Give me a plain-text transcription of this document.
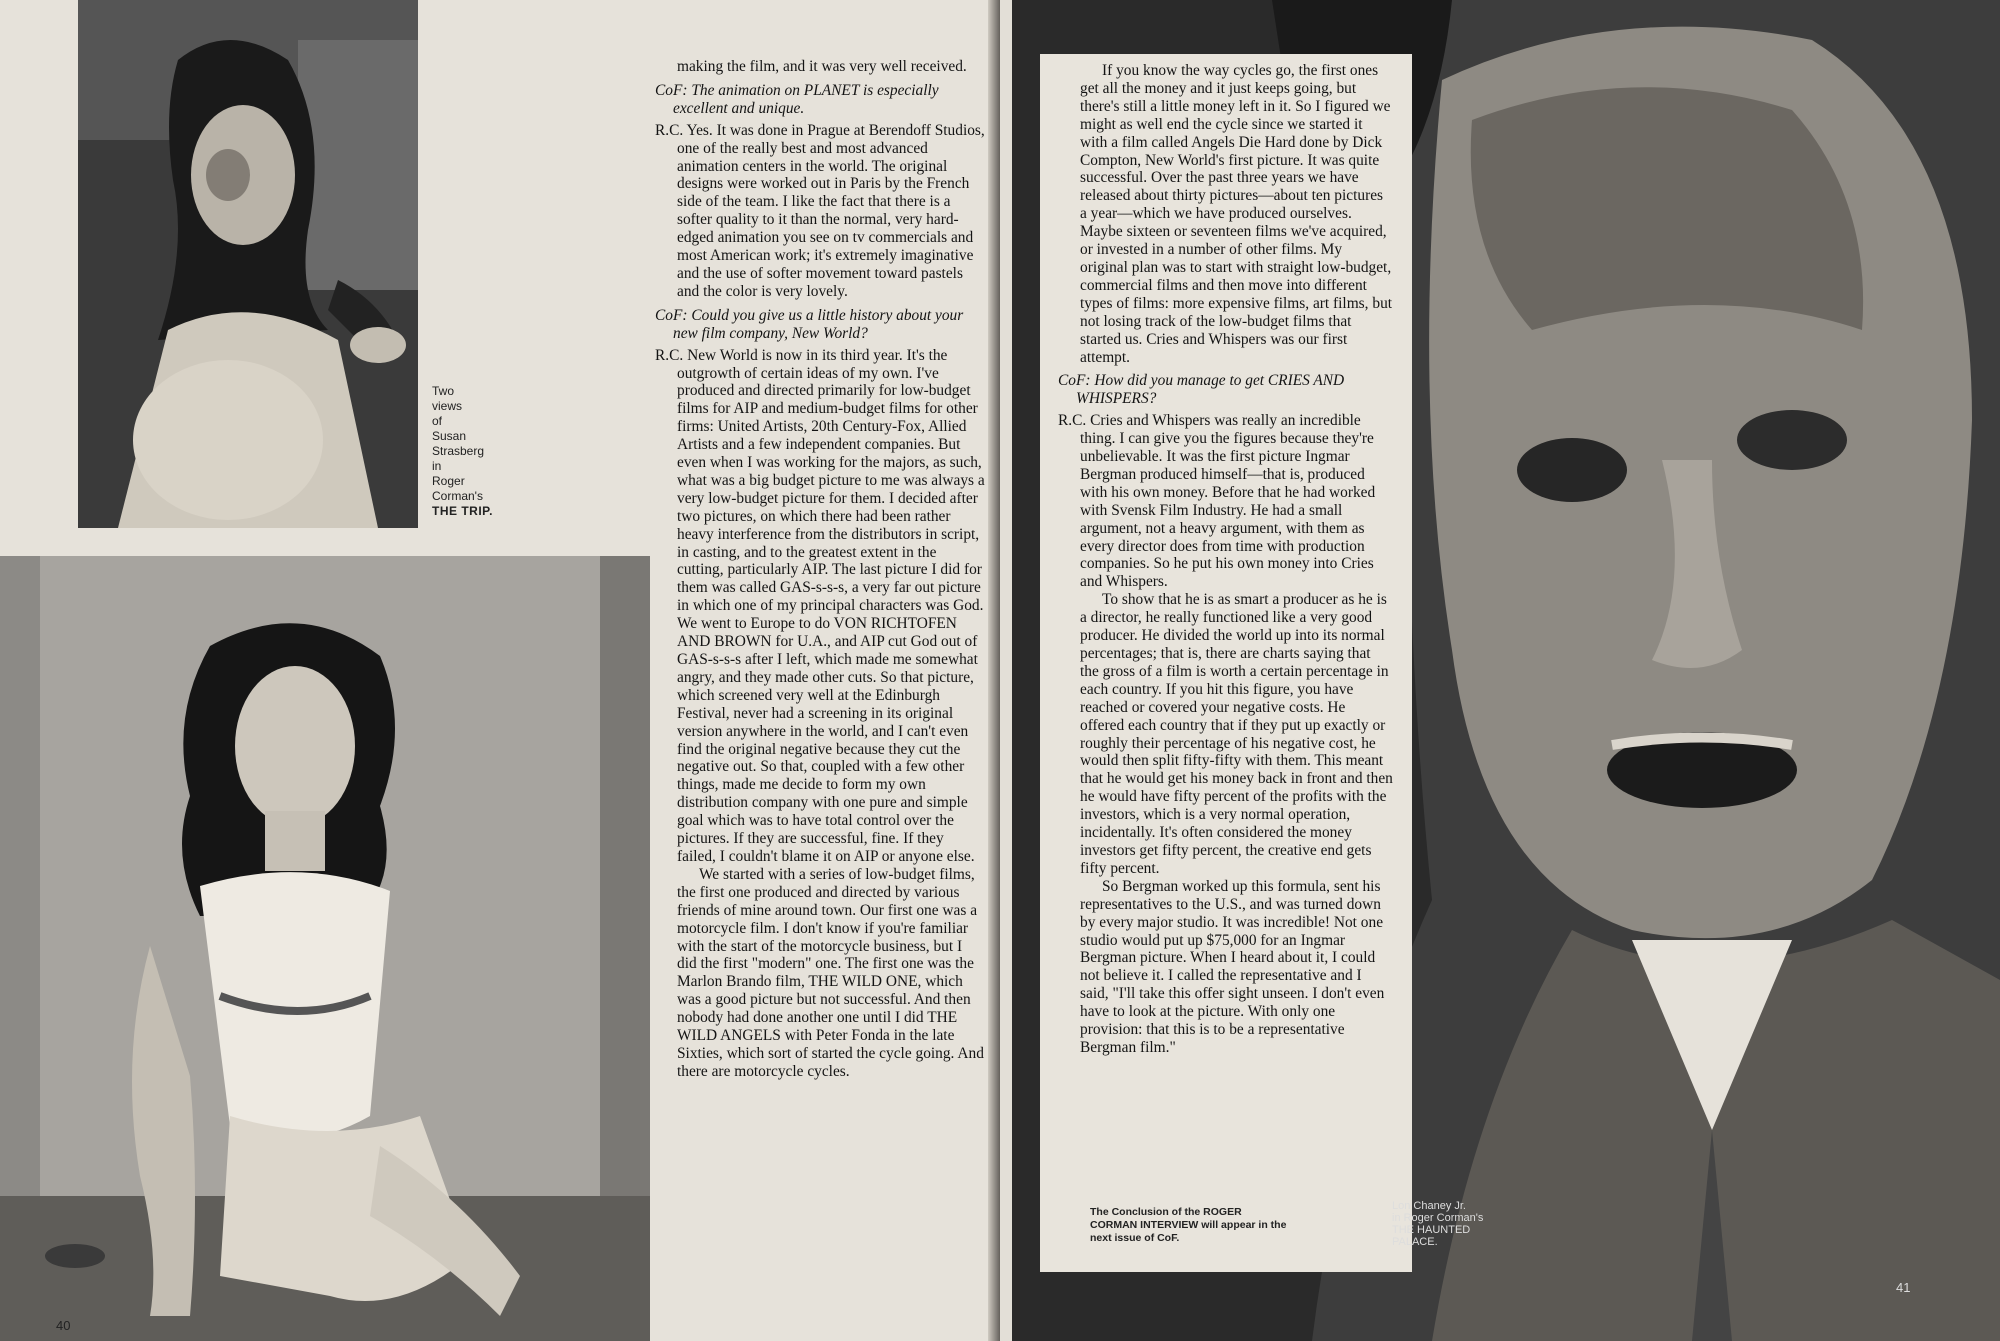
Two
views
of
Susan
Strasberg
in
Roger
Corman's
THE TRIP.

making the film, and it was very well received.

CoF: The animation on PLANET is especially excellent and unique.

R.C. Yes. It was done in Prague at Berendoff Studios, one of the really best and most advanced animation centers in the world. The original designs were worked out in Paris by the French side of the team. I like the fact that there is a softer quality to it than the normal, very hard-edged animation you see on tv commercials and most American work; it's extremely imaginative and the use of softer movement toward pastels and the color is very lovely.

CoF: Could you give us a little history about your new film company, New World?

R.C. New World is now in its third year. It's the outgrowth of certain ideas of my own. I've produced and directed primarily for low-budget films for AIP and medium-budget films for other firms: United Artists, 20th Century-Fox, Allied Artists and a few independent companies. But even when I was working for the majors, as such, what was a big budget picture to me was always a very low-budget picture for them. I decided after two pictures, on which there had been rather heavy interference from the distributors in script, in casting, and to the greatest extent in the cutting, particularly AIP. The last picture I did for them was called GAS-s-s-s, a very far out picture in which one of my principal characters was God. We went to Europe to do VON RICHTOFEN AND BROWN for U.A., and AIP cut God out of GAS-s-s-s after I left, which made me somewhat angry, and they made other cuts. So that picture, which screened very well at the Edinburgh Festival, never had a screening in its original version anywhere in the world, and I can't even find the original negative because they cut the negative out. So that, coupled with a few other things, made me decide to form my own distribution company with one pure and simple goal which was to have total control over the pictures. If they are successful, fine. If they failed, I couldn't blame it on AIP or anyone else.

We started with a series of low-budget films, the first one produced and directed by various friends of mine around town. Our first one was a motorcycle film. I don't know if you're familiar with the start of the motorcycle business, but I did the first "modern" one. The first one was the Marlon Brando film, THE WILD ONE, which was a good picture but not successful. And then nobody had done another one until I did THE WILD ANGELS with Peter Fonda in the late Sixties, which sort of started the cycle going. And there are motorcycle cycles.

40

If you know the way cycles go, the first ones get all the money and it just keeps going, but there's still a little money left in it. So I figured we might as well end the cycle since we started it with a film called Angels Die Hard done by Dick Compton, New World's first picture. It was quite successful. Over the past three years we have released about thirty pictures—about ten pictures a year—which we have produced ourselves. Maybe sixteen or seventeen films we've acquired, or invested in a number of other films. My original plan was to start with straight low-budget, commercial films and then move into different types of films: more expensive films, art films, but not losing track of the low-budget films that started us. Cries and Whispers was our first attempt.

CoF: How did you manage to get CRIES AND WHISPERS?

R.C. Cries and Whispers was really an incredible thing. I can give you the figures because they're unbelievable. It was the first picture Ingmar Bergman produced himself—that is, produced with his own money. Before that he had worked with Svensk Film Industry. He had a small argument, not a heavy argument, with them as every director does from time with production companies. So he put his own money into Cries and Whispers.

To show that he is as smart a producer as he is a director, he really functioned like a very good producer. He divided the world up into its normal percentages; that is, there are charts saying that the gross of a film is worth a certain percentage in each country. If you hit this figure, you have reached or covered your negative costs. He offered each country that if they put up exactly or roughly their percentage of his negative cost, he would then split fifty-fifty with them. This meant that he would get his money back in front and then he would have fifty percent of the profits with the investors, which is a very normal operation, incidentally. It's often considered the money investors get fifty percent, the creative end gets fifty percent.

So Bergman worked up this formula, sent his representatives to the U.S., and was turned down by every major studio. It was incredible! Not one studio would put up $75,000 for an Ingmar Bergman picture. When I heard about it, I could not believe it. I called the representative and I said, "I'll take this offer sight unseen. I don't even have to look at the picture. With only one provision: that this is to be a representative Bergman film."

The Conclusion of the ROGER CORMAN INTERVIEW will appear in the next issue of CoF.
Lon Chaney Jr.
in Roger Corman's
THE HAUNTED
PALACE.
41
